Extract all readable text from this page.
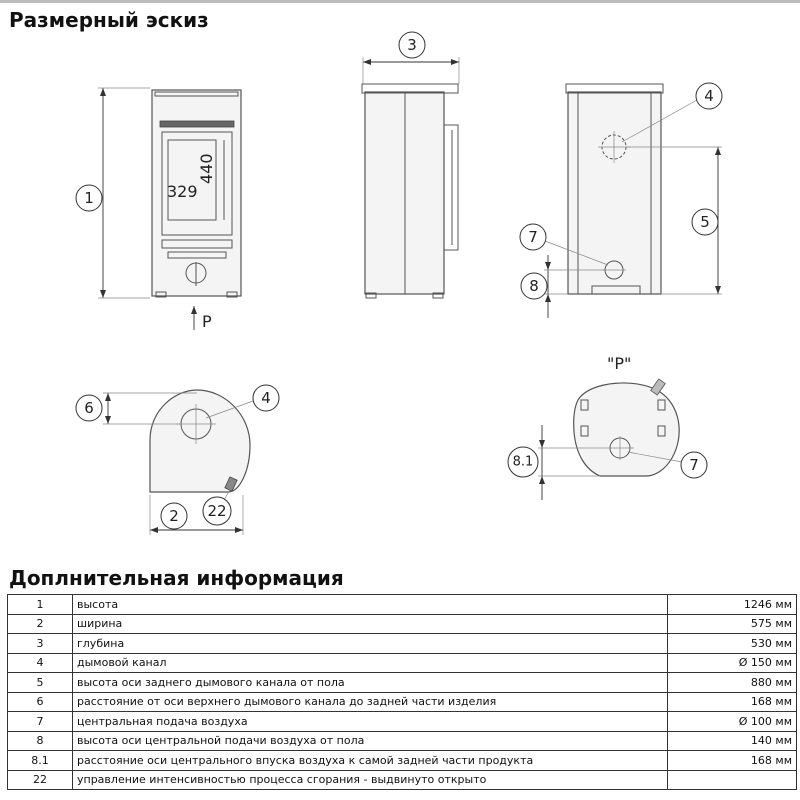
Размерный эскиз
329
440
1
P
3
5
4
7
8
6
4
2 22
"P"
7
8.1
Доплнительная информация
1	высота	1246 мм
2	ширина	575 мм
3	глубина	530 мм
4	дымовой канал	Ø 150 мм
5	высота оси заднего дымового канала от пола	880 мм
6	расстояние от оси верхнего дымового канала до задней части изделия	168 мм
7	центральная подача воздуха	Ø 100 мм
8	высота оси центральной подачи воздуха от пола	140 мм
8.1	расстояние оси центрального впуска воздуха к самой задней части продукта	168 мм
22	управление интенсивностью процесса сгорания - выдвинуто открыто	
